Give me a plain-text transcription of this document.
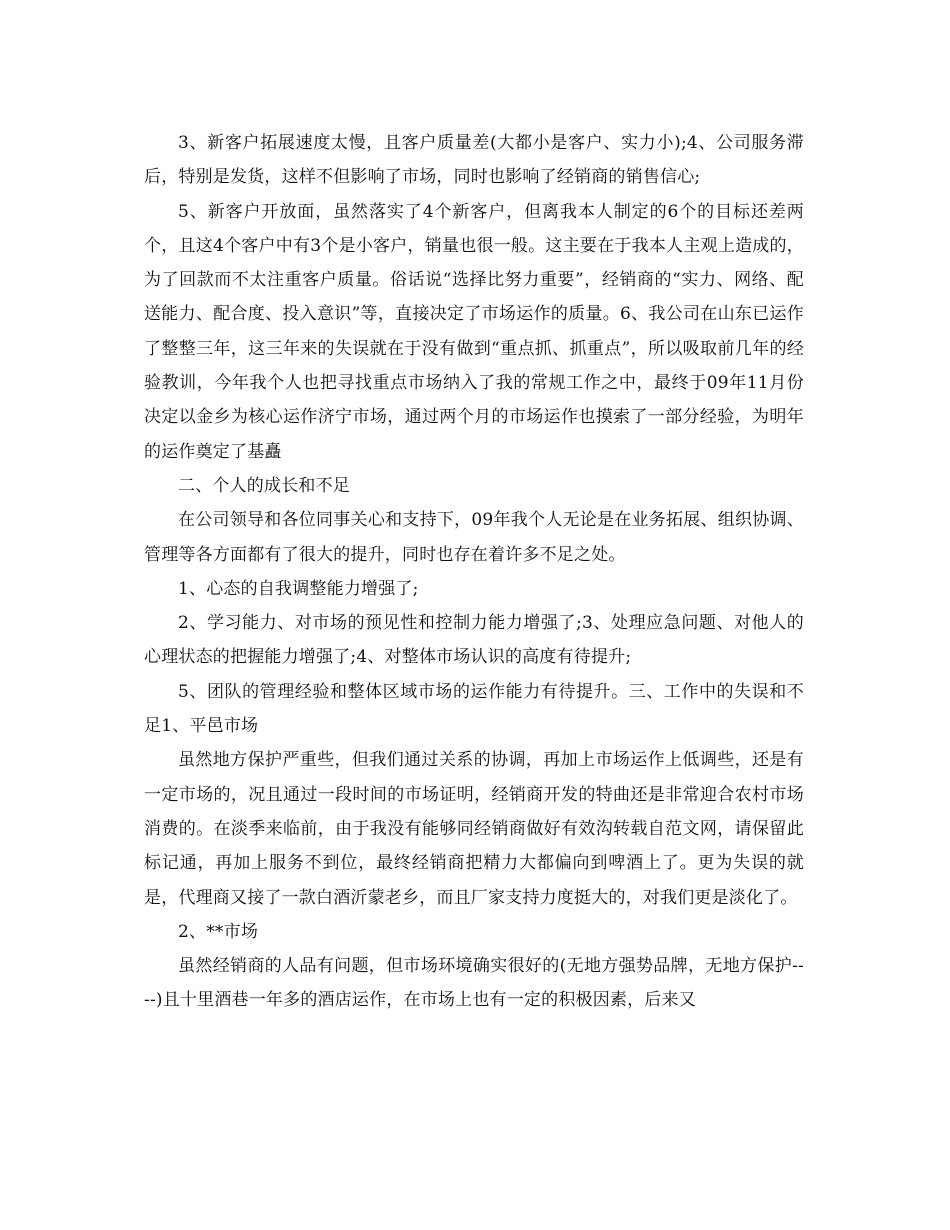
3、新客户拓展速度太慢，且客户质量差(大都小是客户、实力小);4、公司服务滞后，特别是发货，这样不但影响了市场，同时也影响了经销商的销售信心;

5、新客户开放面，虽然落实了4个新客户，但离我本人制定的6个的目标还差两个，且这4个客户中有3个是小客户，销量也很一般。这主要在于我本人主观上造成的，为了回款而不太注重客户质量。俗话说“选择比努力重要”，经销商的“实力、网络、配送能力、配合度、投入意识”等，直接决定了市场运作的质量。6、我公司在山东已运作了整整三年，这三年来的失误就在于没有做到“重点抓、抓重点”，所以吸取前几年的经验教训，今年我个人也把寻找重点市场纳入了我的常规工作之中，最终于09年11月份决定以金乡为核心运作济宁市场，通过两个月的市场运作也摸索了一部分经验，为明年的运作奠定了基矗

二、个人的成长和不足

在公司领导和各位同事关心和支持下，09年我个人无论是在业务拓展、组织协调、管理等各方面都有了很大的提升，同时也存在着许多不足之处。

1、心态的自我调整能力增强了;

2、学习能力、对市场的预见性和控制力能力增强了;3、处理应急问题、对他人的心理状态的把握能力增强了;4、对整体市场认识的高度有待提升;

5、团队的管理经验和整体区域市场的运作能力有待提升。三、工作中的失误和不足1、平邑市场

虽然地方保护严重些，但我们通过关系的协调，再加上市场运作上低调些，还是有一定市场的，况且通过一段时间的市场证明，经销商开发的特曲还是非常迎合农村市场消费的。在淡季来临前，由于我没有能够同经销商做好有效沟转载自范文网，请保留此标记通，再加上服务不到位，最终经销商把精力大都偏向到啤酒上了。更为失误的就是，代理商又接了一款白酒沂蒙老乡，而且厂家支持力度挺大的，对我们更是淡化了。

2、**市场

虽然经销商的人品有问题，但市场环境确实很好的(无地方强势品牌，无地方保护----)且十里酒巷一年多的酒店运作，在市场上也有一定的积极因素，后来又
